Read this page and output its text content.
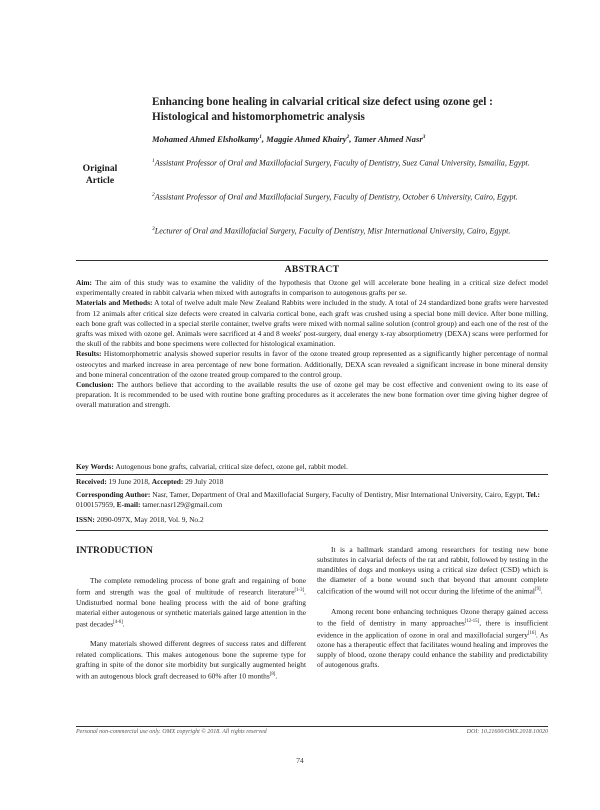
Enhancing bone healing in calvarial critical size defect using ozone gel : Histological and histomorphometric analysis
Mohamed Ahmed Elsholkamy$^1$, Maggie Ahmed Khairy$^2$, Tamer Ahmed Nasr$^3$
Original
Article
$^1$Assistant Professor of Oral and Maxillofacial Surgery, Faculty of Dentistry, Suez Canal University, Ismailia, Egypt.
$^2$Assistant Professor of Oral and Maxillofacial Surgery, Faculty of Dentistry, October 6 University, Cairo, Egypt.
$^3$Lecturer of Oral and Maxillofacial Surgery, Faculty of Dentistry, Misr International University, Cairo, Egypt.
ABSTRACT

Aim: The aim of this study was to examine the validity of the hypothesis that Ozone gel will accelerate bone healing in a critical size defect model experimentally created in rabbit calvaria when mixed with autografts in comparison to autogenous grafts per se.

Materials and Methods: A total of twelve adult male New Zealand Rabbits were included in the study. A total of 24 standardized bone grafts were harvested from 12 animals after critical size defects were created in calvaria cortical bone, each graft was crushed using a special bone mill device. After bone milling, each bone graft was collected in a special sterile container, twelve grafts were mixed with normal saline solution (control group) and each one of the rest of the grafts was mixed with ozone gel. Animals were sacrificed at 4 and 8 weeks' post-surgery, dual energy x-ray absorptiometry (DEXA) scans were performed for the skull of the rabbits and bone specimens were collected for histological examination.

Results: Histomorphometric analysis showed superior results in favor of the ozone treated group represented as a significantly higher percentage of normal osteocytes and marked increase in area percentage of new bone formation. Additionally, DEXA scan revealed a significant increase in bone mineral density and bone mineral concentration of the ozone treated group compared to the control group.

Conclusion: The authors believe that according to the available results the use of ozone gel may be cost effective and convenient owing to its ease of preparation. It is recommended to be used with routine bone grafting procedures as it accelerates the new bone formation over time giving higher degree of overall maturation and strength.

Key Words: Autogenous bone grafts, calvarial, critical size defect, ozone gel, rabbit model.
Received: 19 June 2018, Accepted: 29 July 2018
Corresponding Author: Nasr, Tamer, Department of Oral and Maxillofacial Surgery, Faculty of Dentistry, Misr International University, Cairo, Egypt, Tel.: 0100157959, E-mail: tamer.nasr129@gmail.com
ISSN: 2090-097X, May 2018, Vol. 9, No.2
INTRODUCTION

The complete remodeling process of bone graft and regaining of bone form and strength was the goal of multitude of research literature[1-3]. Undisturbed normal bone healing process with the aid of bone grafting material either autogenous or synthetic materials gained large attention in the past decades[4-6].

Many materials showed different degrees of success rates and different related complications. This makes autogenous bone the supreme type for grafting in spite of the donor site morbidity but surgically augmented height with an autogenous block graft decreased to 60% after 10 months[8].

It is a hallmark standard among researchers for testing new bone substitutes in calvarial defects of the rat and rabbit, followed by testing in the mandibles of dogs and monkeys using a critical size defect (CSD) which is the diameter of a bone wound such that beyond that amount complete calcification of the wound will not occur during the lifetime of the animal[9].

Among recent bone enhancing techniques Ozone therapy gained access to the field of dentistry in many approaches[12-15], there is insufficient evidence in the application of ozone in oral and maxillofacial surgery[16]. As ozone has a therapeutic effect that facilitates wound healing and improves the supply of blood, ozone therapy could enhance the stability and predictability of autogenous grafts.

Personal non-commercial use only. OMX copyright © 2018. All rights reserved	DOI: 10.21600/OMX.2018.10020
74
